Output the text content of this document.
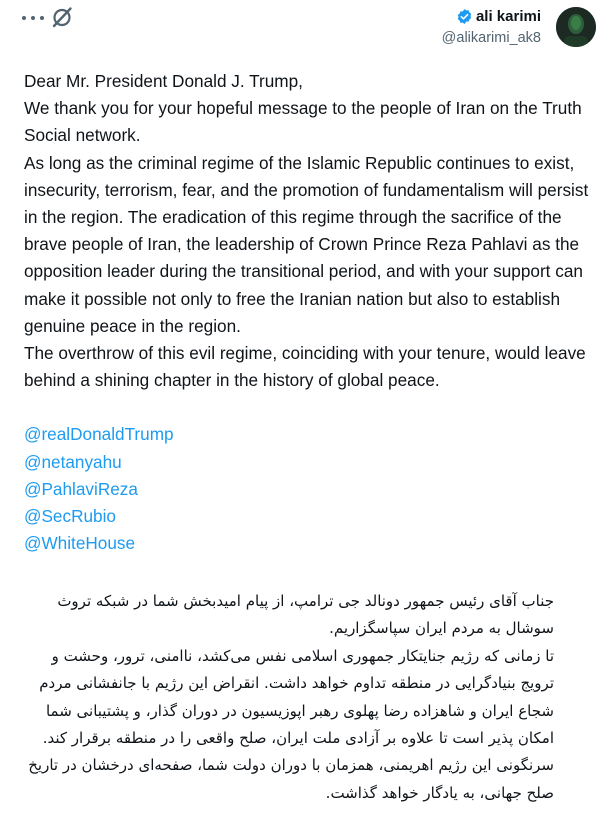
ali karimi
@alikarimi_ak8
Dear Mr. President Donald J. Trump,
We thank you for your hopeful message to the people of Iran on the Truth Social network.
As long as the criminal regime of the Islamic Republic continues to exist, insecurity, terrorism, fear, and the promotion of fundamentalism will persist in the region. The eradication of this regime through the sacrifice of the brave people of Iran, the leadership of Crown Prince Reza Pahlavi as the opposition leader during the transitional period, and with your support can make it possible not only to free the Iranian nation but also to establish genuine peace in the region.
The overthrow of this evil regime, coinciding with your tenure, would leave behind a shining chapter in the history of global peace.
@realDonaldTrump
@netanyahu
@PahlaviReza
@SecRubio
@WhiteHouse
جناب آقای رئیس جمهور دونالد جی ترامپ، از پیام امیدبخش شما در شبکه تروث سوشال به مردم ایران سپاسگزاریم.
تا زمانی که رژیم جنایتکار جمهوری اسلامی نفس می‌کشد، ناامنی، ترور، وحشت و ترویج بنیادگرایی در منطقه تداوم خواهد داشت. انقراض این رژیم با جانفشانی مردم شجاع ایران و شاهزاده رضا پهلوی رهبر اپوزیسیون در دوران گذار، و پشتیبانی شما امکان پذیر است تا علاوه بر آزادی ملت ایران، صلح واقعی را در منطقه برقرار کند.
سرنگونی این رژیم اهریمنی، همزمان با دوران دولت شما، صفحه‌ای درخشان در تاریخ صلح جهانی، به یادگار خواهد گذاشت.
